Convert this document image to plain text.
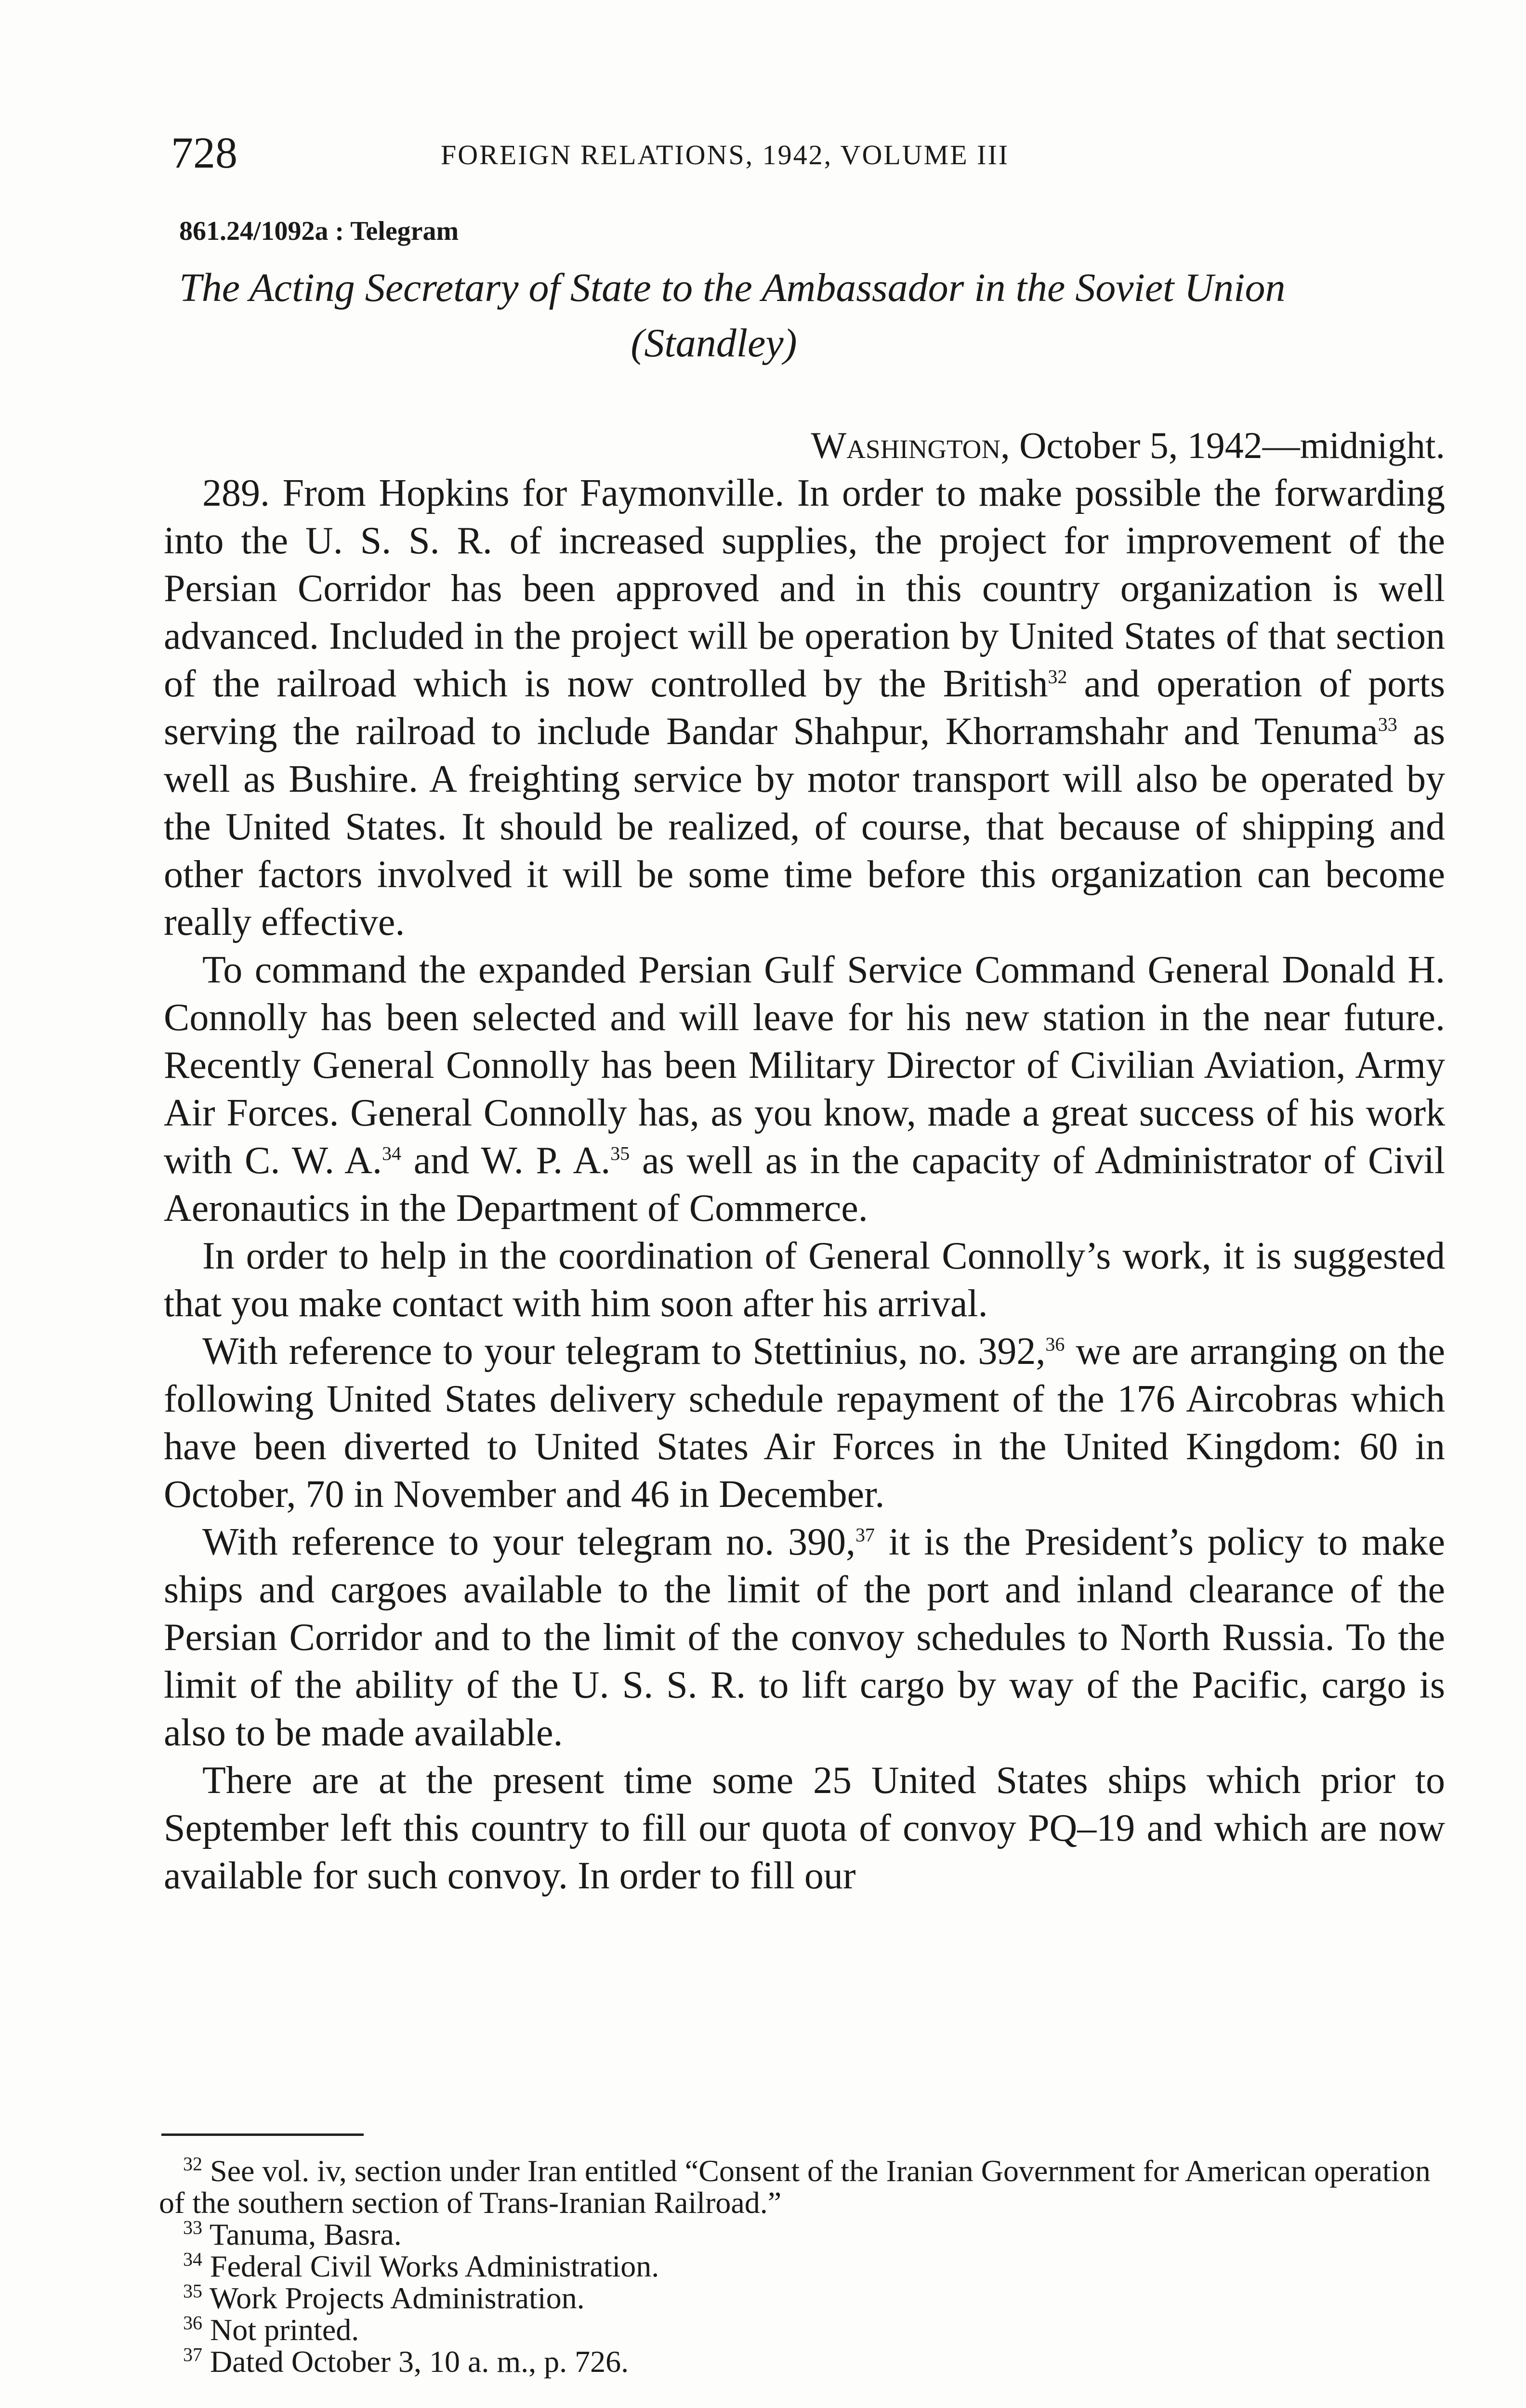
728	FOREIGN RELATIONS, 1942, VOLUME III
861.24/1092a : Telegram
The Acting Secretary of State to the Ambassador in the Soviet Union
(Standley)
Washington, October 5, 1942—midnight.

289. From Hopkins for Faymonville. In order to make possible the forwarding into the U. S. S. R. of increased supplies, the project for improvement of the Persian Corridor has been approved and in this country organization is well advanced. Included in the project will be operation by United States of that section of the railroad which is now controlled by the British$^{32}$ and operation of ports serving the railroad to include Bandar Shahpur, Khorramshahr and Tenuma$^{33}$ as well as Bushire. A freighting service by motor transport will also be operated by the United States. It should be realized, of course, that because of shipping and other factors involved it will be some time before this organization can become really effective.

To command the expanded Persian Gulf Service Command General Donald H. Connolly has been selected and will leave for his new station in the near future. Recently General Connolly has been Military Director of Civilian Aviation, Army Air Forces. General Connolly has, as you know, made a great success of his work with C. W. A.$^{34}$ and W. P. A.$^{35}$ as well as in the capacity of Administrator of Civil Aeronautics in the Department of Commerce.

In order to help in the coordination of General Connolly’s work, it is suggested that you make contact with him soon after his arrival.

With reference to your telegram to Stettinius, no. 392,36 we are arranging on the following United States delivery schedule repayment of the 176 Aircobras which have been diverted to United States Air Forces in the United Kingdom: 60 in October, 70 in November and 46 in December.

With reference to your telegram no. 390,37 it is the President’s policy to make ships and cargoes available to the limit of the port and inland clearance of the Persian Corridor and to the limit of the convoy schedules to North Russia. To the limit of the ability of the U. S. S. R. to lift cargo by way of the Pacific, cargo is also to be made available.

There are at the present time some 25 United States ships which prior to September left this country to fill our quota of convoy PQ–19 and which are now available for such convoy. In order to fill our

$^{32}$ See vol. iv, section under Iran entitled “Consent of the Iranian Government for American operation of the southern section of Trans-Iranian Railroad.”
$^{33}$ Tanuma, Basra.
$^{34}$ Federal Civil Works Administration.
$^{35}$ Work Projects Administration.
$^{36}$ Not printed.
$^{37}$ Dated October 3, 10 a. m., p. 726.
